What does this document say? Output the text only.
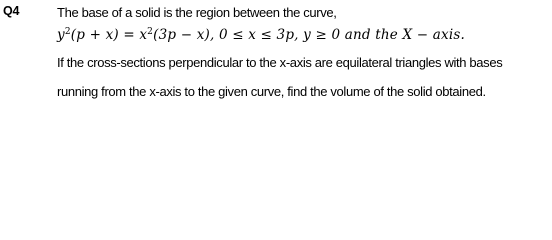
Q4	The base of a solid is the region between the curve,
$y^2(p + x) = x^2(3p - x)$, 0 ≤ x ≤ 3p, y ≥ 0 and the X − axis.
If the cross-sections perpendicular to the x-axis are equilateral triangles with bases
running from the x-axis to the given curve, find the volume of the solid obtained.
